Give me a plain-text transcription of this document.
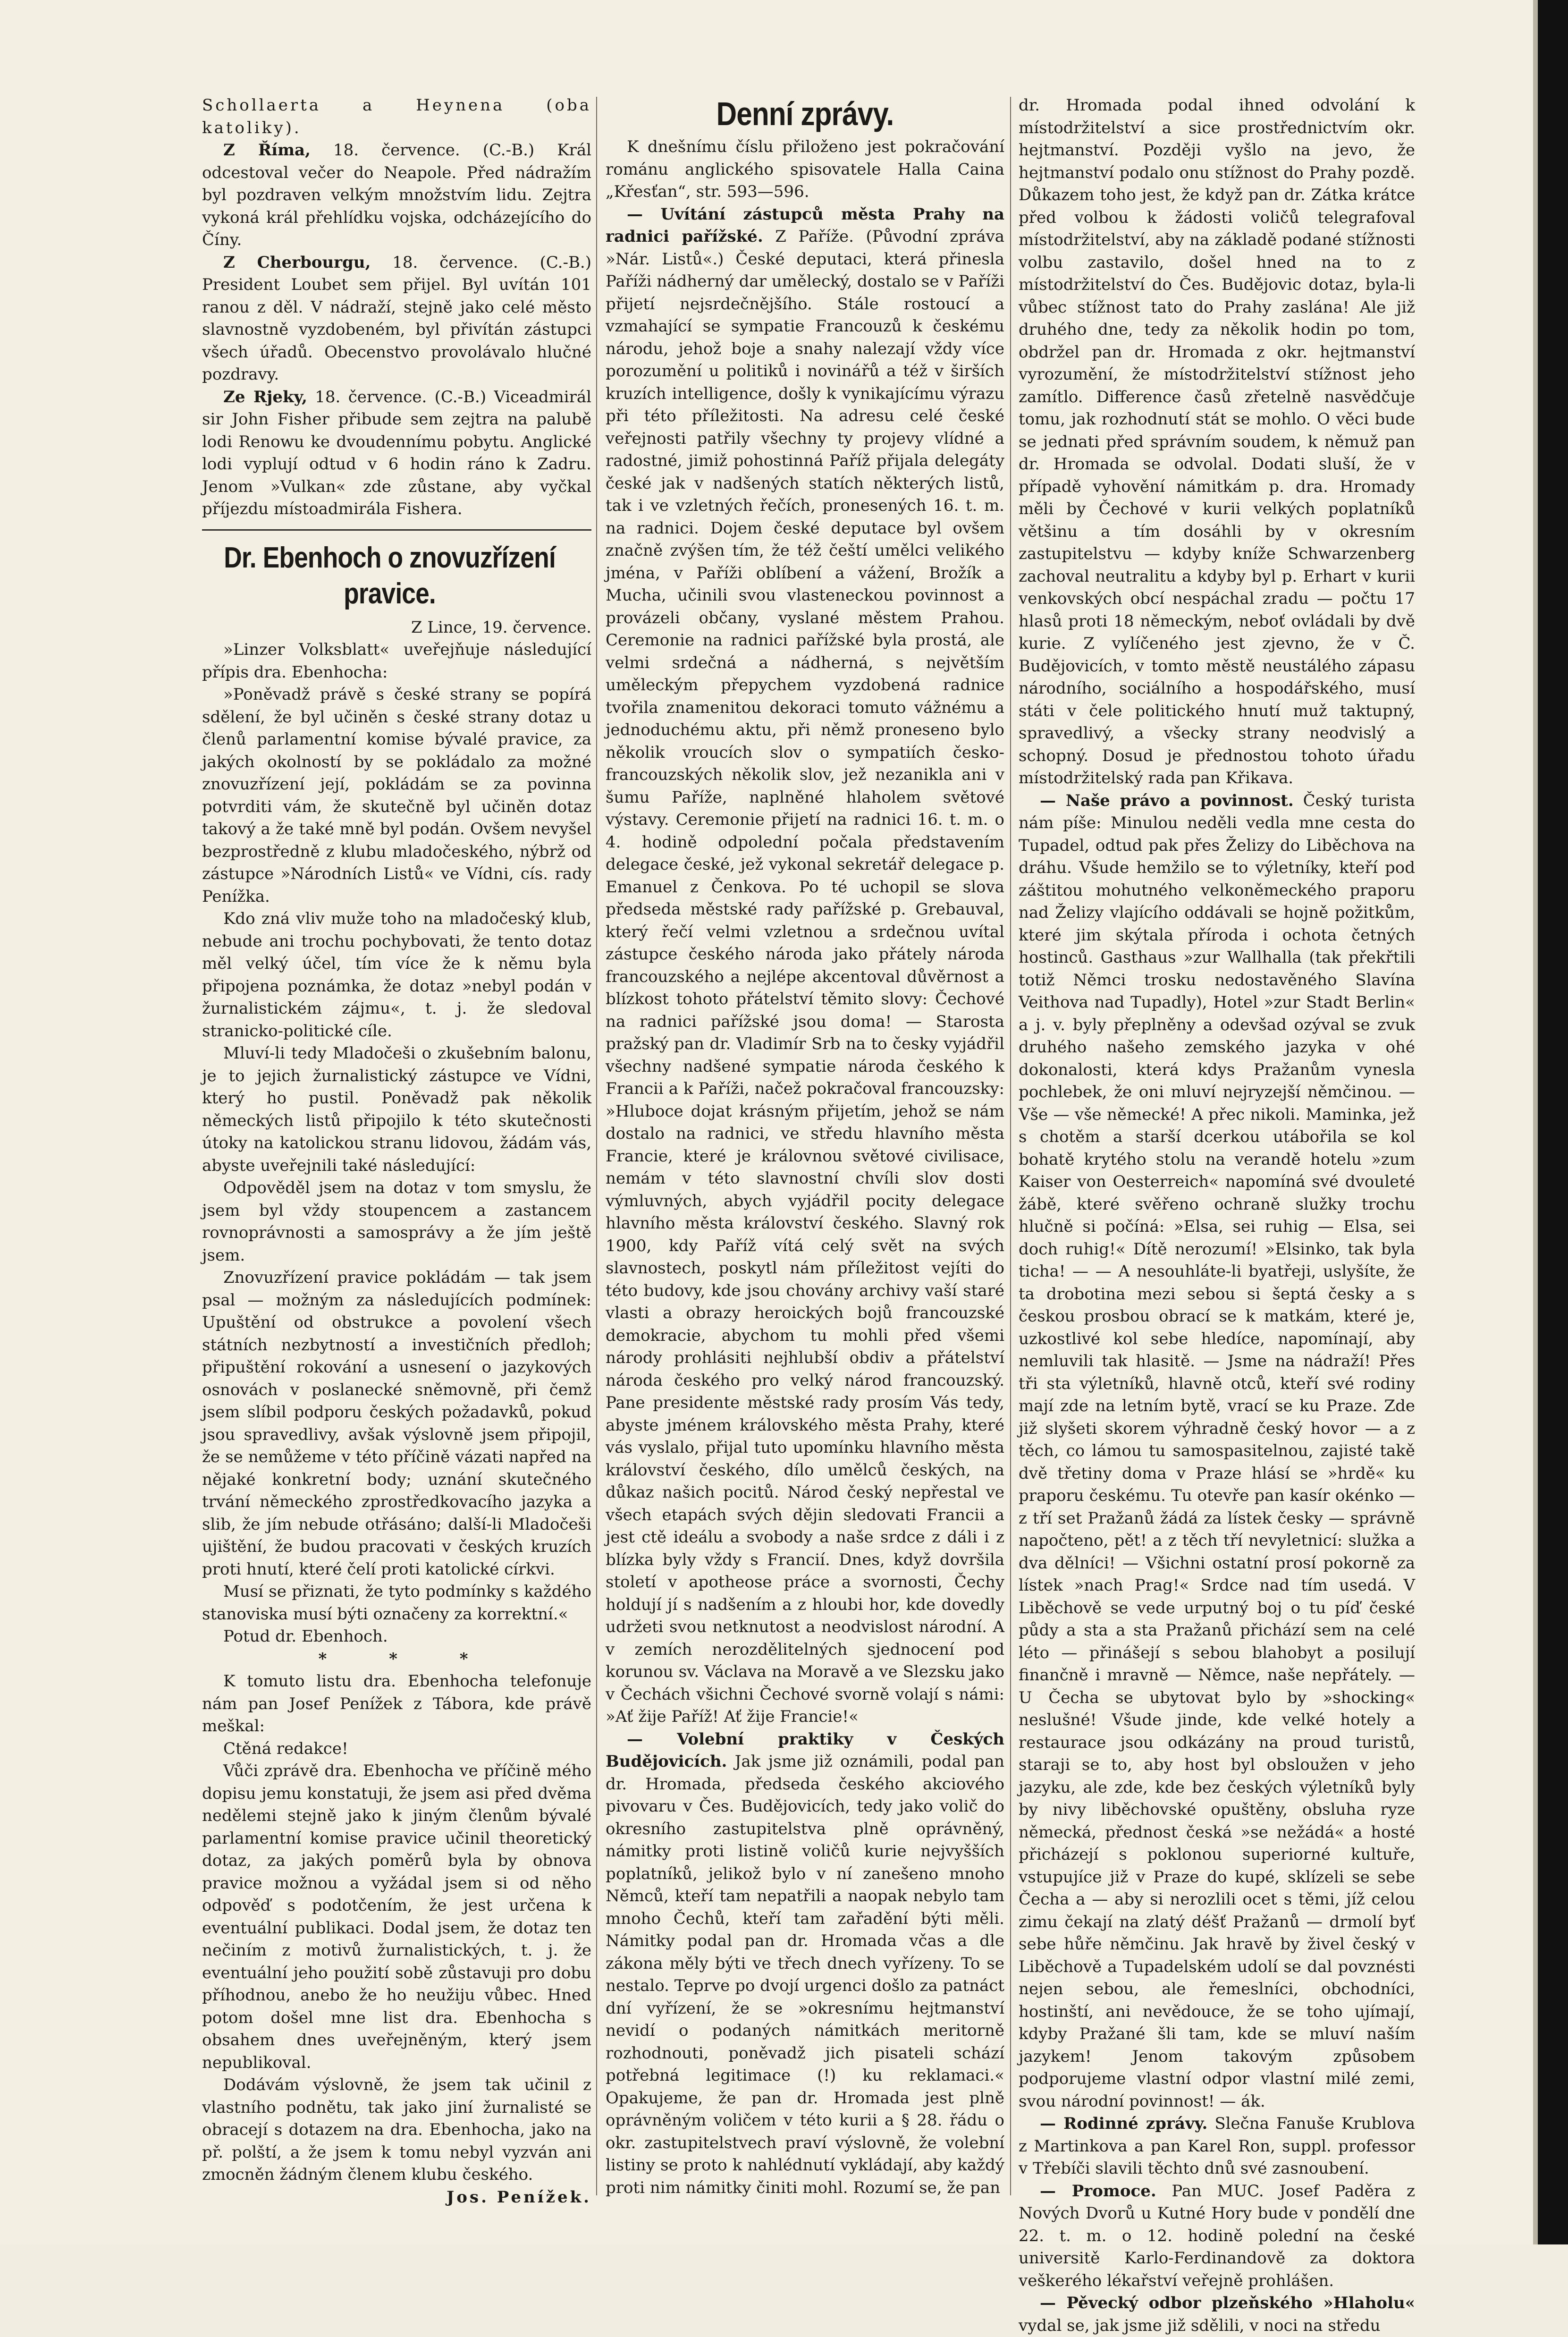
Schollaerta a Heynena (oba katoliky).

Z Říma, 18. července. (C.-B.) Král odcestoval večer do Neapole. Před nádražím byl pozdraven velkým množstvím lidu. Zejtra vykoná král přehlídku vojska, odcházejícího do Číny.

Z Cherbourgu, 18. července. (C.-B.) President Loubet sem přijel. Byl uvítán 101 ranou z děl. V nádraží, stejně jako celé město slavnostně vyzdobeném, byl přivítán zástupci všech úřadů. Obecenstvo provolávalo hlučné pozdravy.

Ze Rjeky, 18. července. (C.-B.) Viceadmirál sir John Fisher přibude sem zejtra na palubě lodi Renowu ke dvoudennímu pobytu. Anglické lodi vyplují odtud v 6 hodin ráno k Zadru. Jenom »Vulkan« zde zůstane, aby vyčkal příjezdu místoadmirála Fishera.

Dr. Ebenhoch o znovuzřízení pravice.

Z Lince, 19. července.

»Linzer Volksblatt« uveřejňuje následující přípis dra. Ebenhocha:

»Poněvadž právě s české strany se popírá sdělení, že byl učiněn s české strany dotaz u členů parlamentní komise bývalé pravice, za jakých okolností by se pokládalo za možné znovuzřízení její, pokládám se za povinna potvrditi vám, že skutečně byl učiněn dotaz takový a že také mně byl podán. Ovšem nevyšel bezprostředně z klubu mladočeského, nýbrž od zástupce »Národních Listů« ve Vídni, cís. rady Penížka.

Kdo zná vliv muže toho na mladočeský klub, nebude ani trochu pochybovati, že tento dotaz měl velký účel, tím více že k němu byla připojena poznámka, že dotaz »nebyl podán v žurnalistickém zájmu«, t. j. že sledoval stranicko-politické cíle.

Mluví-li tedy Mladočeši o zkušebním balonu, je to jejich žurnalistický zástupce ve Vídni, který ho pustil. Poněvadž pak několik německých listů připojilo k této skutečnosti útoky na katolickou stranu lidovou, žádám vás, abyste uveřejnili také následující:

Odpověděl jsem na dotaz v tom smyslu, že jsem byl vždy stoupencem a zastancem rovnoprávnosti a samosprávy a že jím ještě jsem.

Znovuzřízení pravice pokládám — tak jsem psal — možným za následujících podmínek: Upuštění od obstrukce a povolení všech státních nezbytností a investičních předloh; připuštění rokování a usnesení o jazykových osnovách v poslanecké sněmovně, při čemž jsem slíbil podporu českých požadavků, pokud jsou spravedlivy, avšak výslovně jsem připojil, že se nemůžeme v této příčině vázati napřed na nějaké konkretní body; uznání skutečného trvání německého zprostředkovacího jazyka a slib, že jím nebude otřásáno; další-li Mladočeši ujištění, že budou pracovati v českých kruzích proti hnutí, které čelí proti katolické církvi.

Musí se přiznati, že tyto podmínky s každého stanoviska musí býti označeny za korrektní.«

Potud dr. Ebenhoch.

* * *

K tomuto listu dra. Ebenhocha telefonuje nám pan Josef Penížek z Tábora, kde právě meškal:

Ctěná redakce!

Vůči zprávě dra. Ebenhocha ve příčině mého dopisu jemu konstatuji, že jsem asi před dvěma nedělemi stejně jako k jiným členům bývalé parlamentní komise pravice učinil theoretický dotaz, za jakých poměrů byla by obnova pravice možnou a vyžádal jsem si od něho odpověď s podotčením, že jest určena k eventuální publikaci. Dodal jsem, že dotaz ten nečiním z motivů žurnalistických, t. j. že eventuální jeho použití sobě zůstavuji pro dobu příhodnou, anebo že ho neužiju vůbec. Hned potom došel mne list dra. Ebenhocha s obsahem dnes uveřejněným, který jsem nepublikoval.

Dodávám výslovně, že jsem tak učinil z vlastního podnětu, tak jako jiní žurnalisté se obracejí s dotazem na dra. Ebenhocha, jako na př. polští, a že jsem k tomu nebyl vyzván ani zmocněn žádným členem klubu českého.

Jos. Penížek.

Denní zprávy.

K dnešnímu číslu přiloženo jest pokračování románu anglického spisovatele Halla Caina „Křesťan“, str. 593—596.

— Uvítání zástupců města Prahy na radnici pařížské. Z Paříže. (Původní zpráva »Nár. Listů«.) České deputaci, která přinesla Paříži nádherný dar umělecký, dostalo se v Paříži přijetí nejsrdečnějšího. Stále rostoucí a vzmahající se sympatie Francouzů k českému národu, jehož boje a snahy nalezají vždy více porozumění u politiků i novinářů a též v širších kruzích intelligence, došly k vynikajícímu výrazu při této příležitosti. Na adresu celé české veřejnosti patřily všechny ty projevy vlídné a radostné, jimiž pohostinná Paříž přijala delegáty české jak v nadšených statích některých listů, tak i ve vzletných řečích, pronesených 16. t. m. na radnici. Dojem české deputace byl ovšem značně zvýšen tím, že též čeští umělci velikého jména, v Paříži oblíbení a vážení, Brožík a Mucha, učinili svou vlasteneckou povinnost a provázeli občany, vyslané městem Prahou. Ceremonie na radnici pařížské byla prostá, ale velmi srdečná a nádherná, s největším uměleckým přepychem vyzdobená radnice tvořila znamenitou dekoraci tomuto vážnému a jednoduchému aktu, při němž proneseno bylo několik vroucích slov o sympatiích česko-francouzských několik slov, jež nezanikla ani v šumu Paříže, naplněné hlaholem světové výstavy. Ceremonie přijetí na radnici 16. t. m. o 4. hodině odpolední počala představením delegace české, jež vykonal sekretář delegace p. Emanuel z Čenkova. Po té uchopil se slova předseda městské rady pařížské p. Grebauval, který řečí velmi vzletnou a srdečnou uvítal zástupce českého národa jako přátely národa francouzského a nejlépe akcentoval důvěrnost a blízkost tohoto přátelství těmito slovy: Čechové na radnici pařížské jsou doma! — Starosta pražský pan dr. Vladimír Srb na to česky vyjádřil všechny nadšené sympatie národa českého k Francii a k Paříži, načež pokračoval francouzsky: »Hluboce dojat krásným přijetím, jehož se nám dostalo na radnici, ve středu hlavního města Francie, které je královnou světové civilisace, nemám v této slavnostní chvíli slov dosti výmluvných, abych vyjádřil pocity delegace hlavního města království českého. Slavný rok 1900, kdy Paříž vítá celý svět na svých slavnostech, poskytl nám příležitost vejíti do této budovy, kde jsou chovány archivy vaší staré vlasti a obrazy heroických bojů francouzské demokracie, abychom tu mohli před všemi národy prohlásiti nejhlubší obdiv a přátelství národa českého pro velký národ francouzský. Pane presidente městské rady prosím Vás tedy, abyste jménem královského města Prahy, které vás vyslalo, přijal tuto upomínku hlavního města království českého, dílo umělců českých, na důkaz našich pocitů. Národ český nepřestal ve všech etapách svých dějin sledovati Francii a jest ctě ideálu a svobody a naše srdce z dáli i z blízka byly vždy s Francií. Dnes, když dovršila století v apotheose práce a svornosti, Čechy holdují jí s nadšením a z hloubi hor, kde dovedly udržeti svou netknutost a neodvislost národní. A v zemích nerozdělitelných sjednocení pod korunou sv. Václava na Moravě a ve Slezsku jako v Čechách všichni Čechové svorně volají s námi: »Ať žije Paříž! Ať žije Francie!«

— Volební praktiky v Českých Budějovicích. Jak jsme již oznámili, podal pan dr. Hromada, předseda českého akciového pivovaru v Čes. Budějovicích, tedy jako volič do okresního zastupitelstva plně oprávněný, námitky proti listině voličů kurie nejvyšších poplatníků, jelikož bylo v ní zanešeno mnoho Němců, kteří tam nepatřili a naopak nebylo tam mnoho Čechů, kteří tam zařadění býti měli. Námitky podal pan dr. Hromada včas a dle zákona měly býti ve třech dnech vyřízeny. To se nestalo. Teprve po dvojí urgenci došlo za patnáct dní vyřízení, že se »okresnímu hejtmanství nevidí o podaných námitkách meritorně rozhodnouti, poněvadž jich pisateli schází potřebná legitimace (!) ku reklamaci.« Opakujeme, že pan dr. Hromada jest plně oprávněným voličem v této kurii a § 28. řádu o okr. zastupitelstvech praví výslovně, že volební listiny se proto k nahlédnutí vykládají, aby každý proti nim námitky činiti mohl. Rozumí se, že pan

dr. Hromada podal ihned odvolání k místodržitelství a sice prostřednictvím okr. hejtmanství. Později vyšlo na jevo, že hejtmanství podalo onu stížnost do Prahy pozdě. Důkazem toho jest, že když pan dr. Zátka krátce před volbou k žádosti voličů telegrafoval místodržitelství, aby na základě podané stížnosti volbu zastavilo, došel hned na to z místodržitelství do Čes. Budějovic dotaz, byla-li vůbec stížnost tato do Prahy zaslána! Ale již druhého dne, tedy za několik hodin po tom, obdržel pan dr. Hromada z okr. hejtmanství vyrozumění, že místodržitelství stížnost jeho zamítlo. Difference časů zřetelně nasvědčuje tomu, jak rozhodnutí stát se mohlo. O věci bude se jednati před správním soudem, k němuž pan dr. Hromada se odvolal. Dodati sluší, že v případě vyhovění námitkám p. dra. Hromady měli by Čechové v kurii velkých poplatníků většinu a tím dosáhli by v okresním zastupitelstvu — kdyby kníže Schwarzenberg zachoval neutralitu a kdyby byl p. Erhart v kurii venkovských obcí nespáchal zradu — počtu 17 hlasů proti 18 německým, neboť ovládali by dvě kurie. Z vylíčeného jest zjevno, že v Č. Budějovicích, v tomto městě neustálého zápasu národního, sociálního a hospodářského, musí státi v čele politického hnutí muž taktupný, spravedlivý, a všecky strany neodvislý a schopný. Dosud je přednostou tohoto úřadu místodržitelský rada pan Křikava.

— Naše právo a povinnost. Český turista nám píše: Minulou neděli vedla mne cesta do Tupadel, odtud pak přes Želizy do Liběchova na dráhu. Všude hemžilo se to výletníky, kteří pod záštitou mohutného velkoněmeckého praporu nad Želizy vlajícího oddávali se hojně požitkům, které jim skýtala příroda i ochota četných hostinců. Gasthaus »zur Wallhalla (tak překřtili totiž Němci trosku nedostavěného Slavína Veithova nad Tupadly), Hotel »zur Stadt Berlin« a j. v. byly přeplněny a odevšad ozýval se zvuk druhého našeho zemského jazyka v ohé dokonalosti, která kdys Pražanům vynesla pochlebek, že oni mluví nejryzejší němčinou. — Vše — vše německé! A přec nikoli. Maminka, jež s chotěm a starší dcerkou utábořila se kol bohatě krytého stolu na verandě hotelu »zum Kaiser von Oesterreich« napomíná své dvouleté žábě, které svěřeno ochraně služky trochu hlučně si počíná: »Elsa, sei ruhig — Elsa, sei doch ruhig!« Dítě nerozumí! »Elsinko, tak byla ticha! — — A nesouhláte-li byatřeji, uslyšíte, že ta drobotina mezi sebou si šeptá česky a s českou prosbou obrací se k matkám, které je, uzkostlivé kol sebe hledíce, napomínají, aby nemluvili tak hlasitě. — Jsme na nádraží! Přes tři sta výletníků, hlavně otců, kteří své rodiny mají zde na letním bytě, vrací se ku Praze. Zde již slyšeti skorem výhradně český hovor — a z těch, co lámou tu samospasitelnou, zajisté takě dvě třetiny doma v Praze hlásí se »hrdě« ku praporu českému. Tu otevře pan kasír okénko — z tří set Pražanů žádá za lístek česky — správně napočteno, pět! a z těch tří nevyletnicí: služka a dva dělníci! — Všichni ostatní prosí pokorně za lístek »nach Prag!« Srdce nad tím usedá. V Liběchově se vede urputný boj o tu píď české půdy a sta a sta Pražanů přichází sem na celé léto — přinášejí s sebou blahobyt a posilují finančně i mravně — Němce, naše nepřátely. — U Čecha se ubytovat bylo by »shocking« neslušné! Všude jinde, kde velké hotely a restaurace jsou odkázány na proud turistů, staraji se to, aby host byl obsloužen v jeho jazyku, ale zde, kde bez českých výletníků byly by nivy liběchovské opuštěny, obsluha ryze německá, přednost česká »se nežádá« a hosté přicházejí s poklonou superiorné kultuře, vstupujíce již v Praze do kupé, sklízeli se sebe Čecha a — aby si nerozlili ocet s těmi, jíž celou zimu čekají na zlatý déšť Pražanů — drmolí byť sebe hůře němčinu. Jak hravě by živel český v Liběchově a Tupadelském udolí se dal povznésti nejen sebou, ale řemeslníci, obchodníci, hostinští, ani nevědouce, že se toho ujímají, kdyby Pražané šli tam, kde se mluví naším jazykem! Jenom takovým způsobem podporujeme vlastní odpor vlastní milé zemi, svou národní povinnost! — ák.

— Rodinné zprávy. Slečna Fanuše Krublova z Martinkova a pan Karel Ron, suppl. professor v Třebíči slavili těchto dnů své zasnoubení.

— Promoce. Pan MUC. Josef Paděra z Nových Dvorů u Kutné Hory bude v pondělí dne 22. t. m. o 12. hodině polední na české universitě Karlo-Ferdinandově za doktora veškerého lékařství veřejně prohlášen.

— Pěvecký odbor plzeňského »Hlaholu« vydal se, jak jsme již sdělili, v noci na středu
